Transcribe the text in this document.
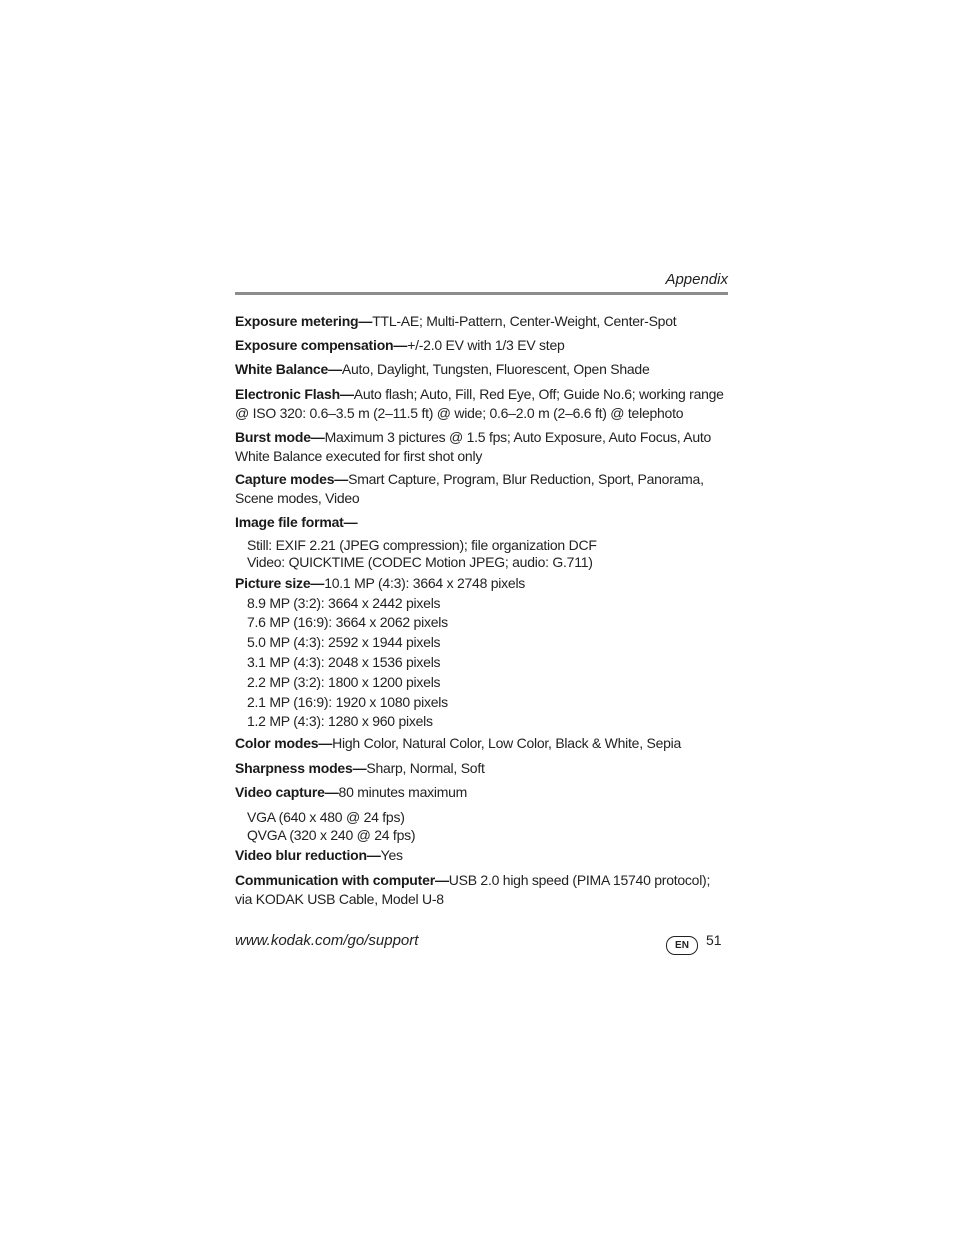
Appendix
Exposure metering—TTL-AE; Multi-Pattern, Center-Weight, Center-Spot
Exposure compensation—+/-2.0 EV with 1/3 EV step
White Balance—Auto, Daylight, Tungsten, Fluorescent, Open Shade
Electronic Flash—Auto flash; Auto, Fill, Red Eye, Off; Guide No.6; working range @ ISO 320: 0.6–3.5 m (2–11.5 ft) @ wide; 0.6–2.0 m (2–6.6 ft) @ telephoto
Burst mode—Maximum 3 pictures @ 1.5 fps; Auto Exposure, Auto Focus, Auto White Balance executed for first shot only
Capture modes—Smart Capture, Program, Blur Reduction, Sport, Panorama, Scene modes, Video
Image file format—
Still: EXIF 2.21 (JPEG compression); file organization DCF
Video: QUICKTIME (CODEC Motion JPEG; audio: G.711)
Picture size—10.1 MP (4:3): 3664 x 2748 pixels
8.9 MP (3:2): 3664 x 2442 pixels
7.6 MP (16:9): 3664 x 2062 pixels
5.0 MP (4:3): 2592 x 1944 pixels
3.1 MP (4:3): 2048 x 1536 pixels
2.2 MP (3:2): 1800 x 1200 pixels
2.1 MP (16:9): 1920 x 1080 pixels
1.2 MP (4:3): 1280 x 960 pixels
Color modes—High Color, Natural Color, Low Color, Black & White, Sepia
Sharpness modes—Sharp, Normal, Soft
Video capture—80 minutes maximum
VGA (640 x 480 @ 24 fps)
QVGA (320 x 240 @ 24 fps)
Video blur reduction—Yes
Communication with computer—USB 2.0 high speed (PIMA 15740 protocol); via KODAK USB Cable, Model U-8
www.kodak.com/go/support	EN	51
